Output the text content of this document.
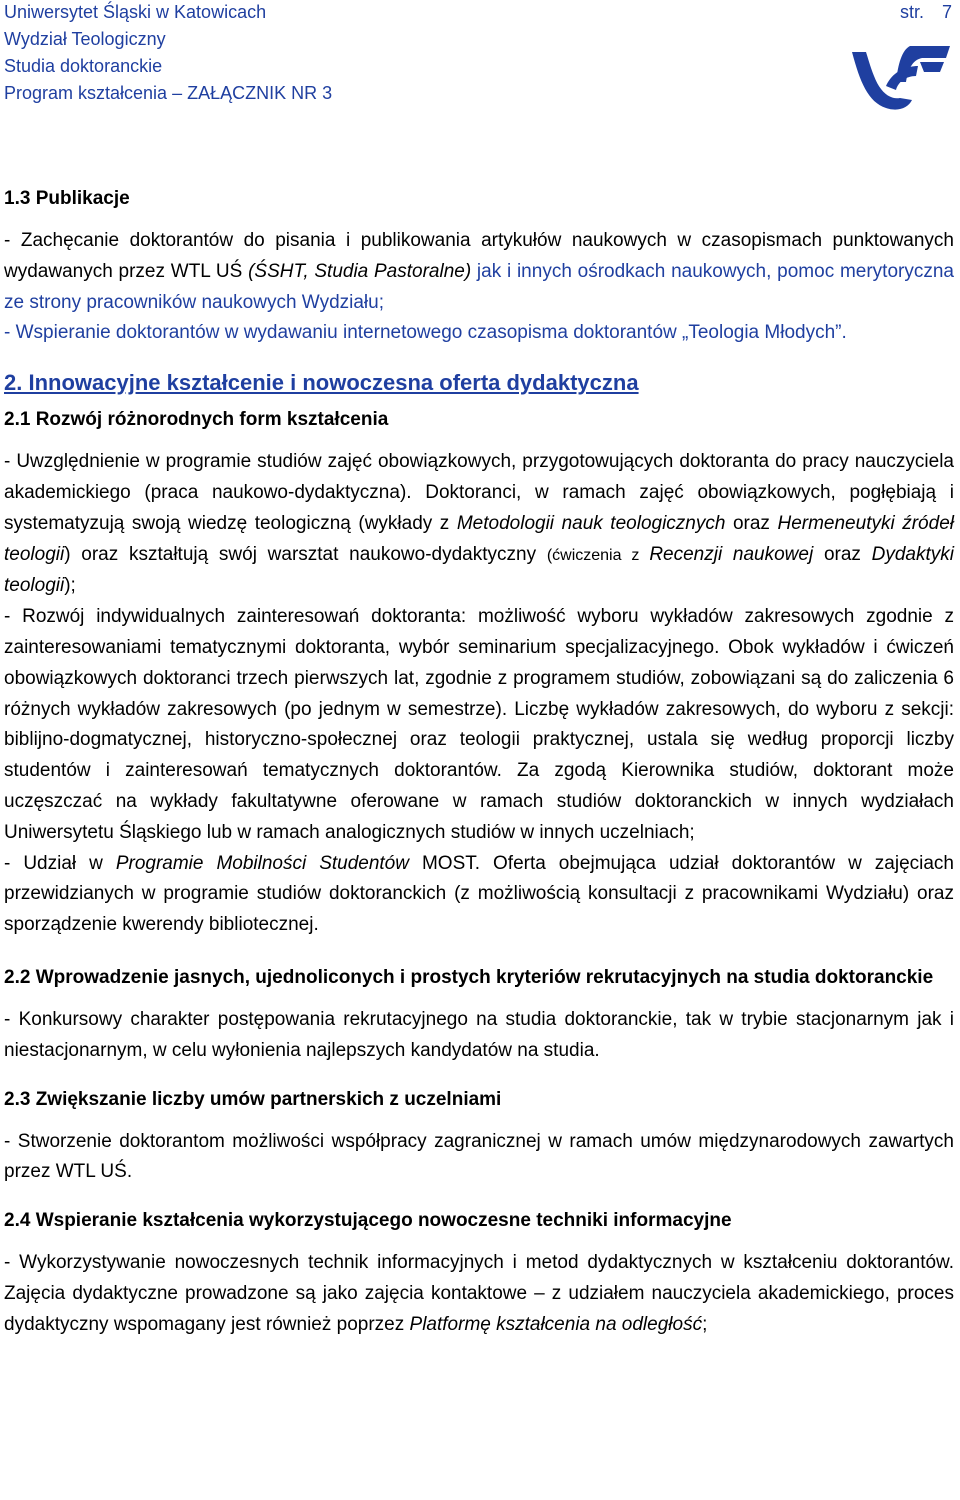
Uniwersytet Śląski w Katowicach
Wydział Teologiczny
Studia doktoranckie
Program kształcenia – ZAŁĄCZNIK NR 3
str. 7
1.3 Publikacje

- Zachęcanie doktorantów do pisania i publikowania artykułów naukowych w czasopismach punktowanych wydawanych przez WTL UŚ (ŚSHT, Studia Pastoralne) jak i innych ośrodkach naukowych, pomoc merytoryczna ze strony pracowników naukowych Wydziału;

- Wspieranie doktorantów w wydawaniu internetowego czasopisma doktorantów „Teologia Młodych”.

2. Innowacyjne kształcenie i nowoczesna oferta dydaktyczna
2.1 Rozwój różnorodnych form kształcenia

- Uwzględnienie w programie studiów zajęć obowiązkowych, przygotowujących doktoranta do pracy nauczyciela akademickiego (praca naukowo-dydaktyczna). Doktoranci, w ramach zajęć obowiązkowych, pogłębiają i systematyzują swoją wiedzę teologiczną (wykłady z Metodologii nauk teologicznych oraz Hermeneutyki źródeł teologii) oraz kształtują swój warsztat naukowo-dydaktyczny (ćwiczenia z Recenzji naukowej oraz Dydaktyki teologii);

- Rozwój indywidualnych zainteresowań doktoranta: możliwość wyboru wykładów zakresowych zgodnie z zainteresowaniami tematycznymi doktoranta, wybór seminarium specjalizacyjnego. Obok wykładów i ćwiczeń obowiązkowych doktoranci trzech pierwszych lat, zgodnie z programem studiów, zobowiązani są do zaliczenia 6 różnych wykładów zakresowych (po jednym w semestrze). Liczbę wykładów zakresowych, do wyboru z sekcji: biblijno-dogmatycznej, historyczno-społecznej oraz teologii praktycznej, ustala się według proporcji liczby studentów i zainteresowań tematycznych doktorantów. Za zgodą Kierownika studiów, doktorant może uczęszczać na wykłady fakultatywne oferowane w ramach studiów doktoranckich w innych wydziałach Uniwersytetu Śląskiego lub w ramach analogicznych studiów w innych uczelniach;

- Udział w Programie Mobilności Studentów MOST. Oferta obejmująca udział doktorantów w zajęciach przewidzianych w programie studiów doktoranckich (z możliwością konsultacji z pracownikami Wydziału) oraz sporządzenie kwerendy bibliotecznej.

2.2 Wprowadzenie jasnych, ujednoliconych i prostych kryteriów rekrutacyjnych na studia doktoranckie

- Konkursowy charakter postępowania rekrutacyjnego na studia doktoranckie, tak w trybie stacjonarnym jak i niestacjonarnym, w celu wyłonienia najlepszych kandydatów na studia.

2.3 Zwiększanie liczby umów partnerskich z uczelniami

- Stworzenie doktorantom możliwości współpracy zagranicznej w ramach umów międzynarodowych zawartych przez WTL UŚ.

2.4 Wspieranie kształcenia wykorzystującego nowoczesne techniki informacyjne

- Wykorzystywanie nowoczesnych technik informacyjnych i metod dydaktycznych w kształceniu doktorantów. Zajęcia dydaktyczne prowadzone są jako zajęcia kontaktowe – z udziałem nauczyciela akademickiego, proces dydaktyczny wspomagany jest również poprzez Platformę kształcenia na odległość;
